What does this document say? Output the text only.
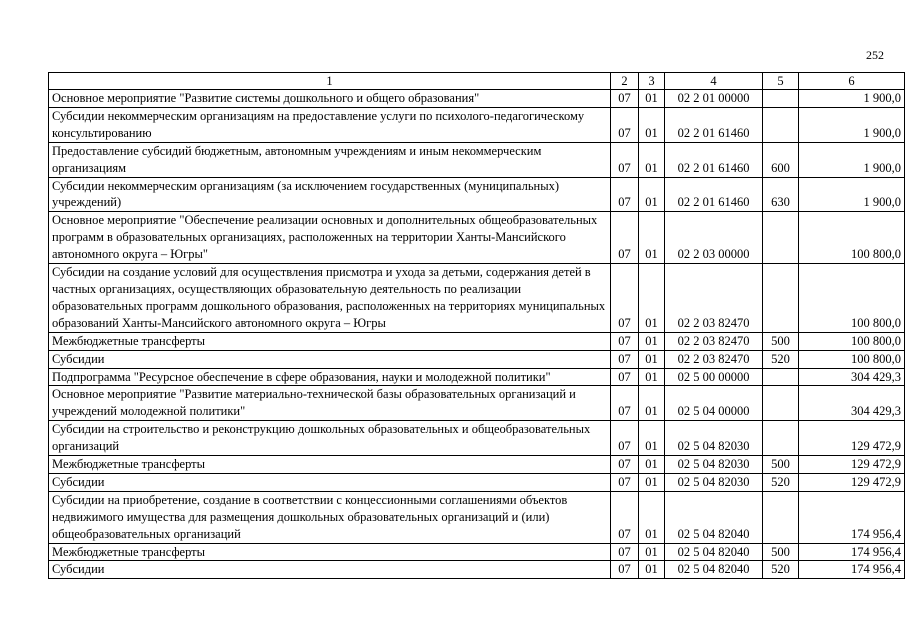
252
1	2	3	4	5	6
Основное мероприятие "Развитие системы дошкольного и общего образования"	07	01	02 2 01 00000		1 900,0
Субсидии некоммерческим организациям на предоставление услуги по психолого-педагогическому консультированию	07	01	02 2 01 61460		1 900,0
Предоставление субсидий бюджетным, автономным учреждениям и иным некоммерческим организациям	07	01	02 2 01 61460	600	1 900,0
Субсидии некоммерческим организациям (за исключением государственных (муниципальных) учреждений)	07	01	02 2 01 61460	630	1 900,0
Основное мероприятие "Обеспечение реализации основных и дополнительных общеобразовательных программ в образовательных организациях, расположенных на территории Ханты-Мансийского автономного округа – Югры"	07	01	02 2 03 00000		100 800,0
Субсидии на создание условий для осуществления присмотра и ухода за детьми, содержания детей в частных организациях, осуществляющих образовательную деятельность по реализации образовательных программ дошкольного образования, расположенных на территориях муниципальных образований Ханты-Мансийского автономного округа – Югры	07	01	02 2 03 82470		100 800,0
Межбюджетные трансферты	07	01	02 2 03 82470	500	100 800,0
Субсидии	07	01	02 2 03 82470	520	100 800,0
Подпрограмма "Ресурсное обеспечение в сфере образования, науки и молодежной политики"	07	01	02 5 00 00000		304 429,3
Основное мероприятие "Развитие материально-технической базы образовательных организаций и учреждений молодежной политики"	07	01	02 5 04 00000		304 429,3
Субсидии на строительство и реконструкцию дошкольных образовательных и общеобразовательных организаций	07	01	02 5 04 82030		129 472,9
Межбюджетные трансферты	07	01	02 5 04 82030	500	129 472,9
Субсидии	07	01	02 5 04 82030	520	129 472,9
Субсидии на приобретение, создание в соответствии с концессионными соглашениями объектов недвижимого имущества для размещения дошкольных образовательных организаций и (или) общеобразовательных организаций	07	01	02 5 04 82040		174 956,4
Межбюджетные трансферты	07	01	02 5 04 82040	500	174 956,4
Субсидии	07	01	02 5 04 82040	520	174 956,4
